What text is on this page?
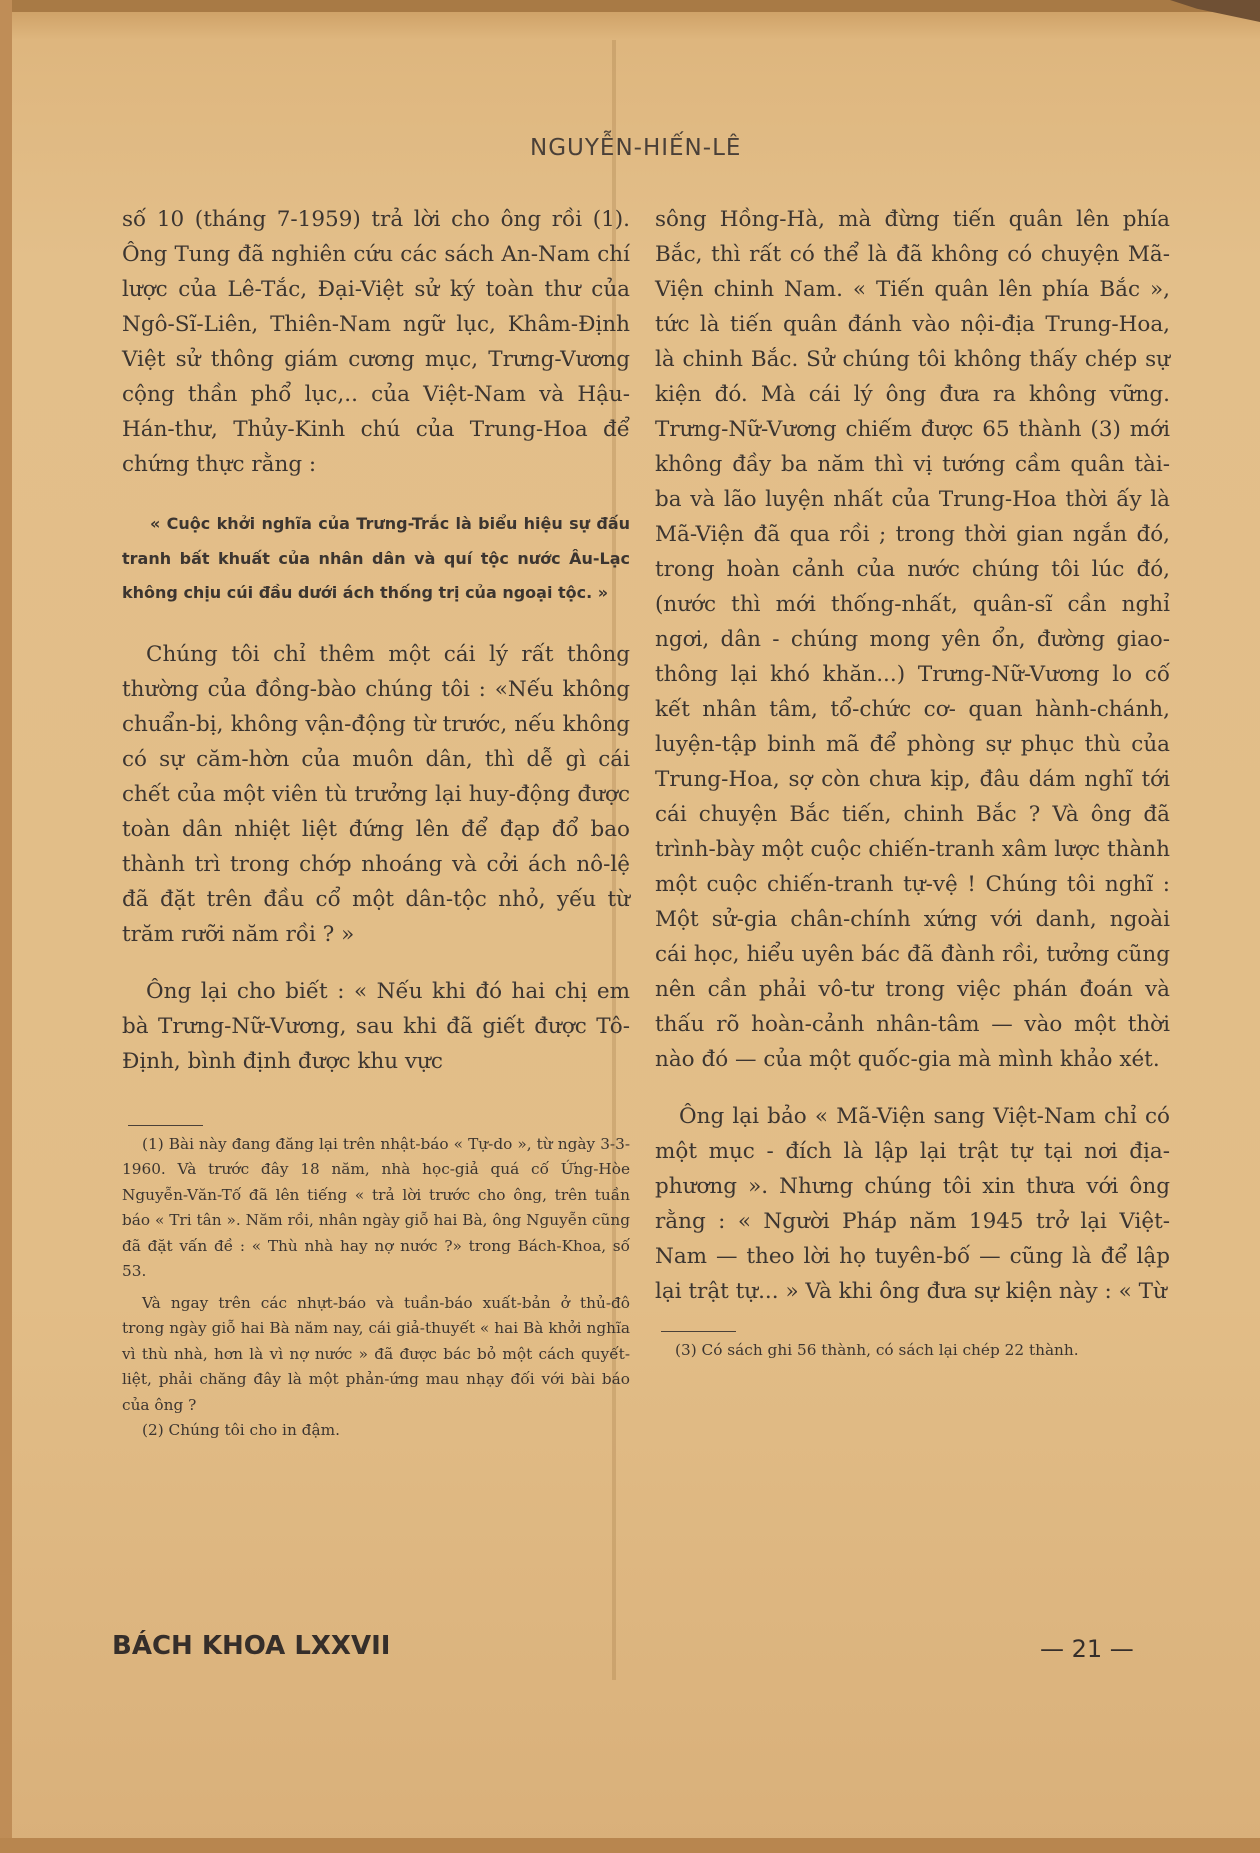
NGUYỄN-HIẾN-LÊ

số 10 (tháng 7-1959) trả lời cho ông rồi (1). Ông Tung đã nghiên cứu các sách An-Nam chí lược của Lê-Tắc, Đại-Việt sử ký toàn thư của Ngô-Sĩ-Liên, Thiên-Nam ngữ lục, Khâm-Định Việt sử thông giám cương mục, Trưng-Vương cộng thần phổ lục,.. của Việt-Nam và Hậu-Hán-thư, Thủy-Kinh chú của Trung-Hoa để chứng thực rằng :

« Cuộc khởi nghĩa của Trưng-Trắc là biểu hiệu sự đấu tranh bất khuất của nhân dân và quí tộc nước Âu-Lạc không chịu cúi đầu dưới ách thống trị của ngoại tộc. »

Chúng tôi chỉ thêm một cái lý rất thông thường của đồng-bào chúng tôi : «Nếu không chuẩn-bị, không vận-động từ trước, nếu không có sự căm-hờn của muôn dân, thì dễ gì cái chết của một viên tù trưởng lại huy-động được toàn dân nhiệt liệt đứng lên để đạp đổ bao thành trì trong chớp nhoáng và cởi ách nô-lệ đã đặt trên đầu cổ một dân-tộc nhỏ, yếu từ trăm rưỡi năm rồi ? »

Ông lại cho biết : « Nếu khi đó hai chị em bà Trưng-Nữ-Vương, sau khi đã giết được Tô-Định, bình định được khu vực

(1) Bài này đang đăng lại trên nhật-báo « Tự-do », từ ngày 3-3-1960. Và trước đây 18 năm, nhà học-giả quá cố Ứng-Hòe Nguyễn-Văn-Tố đã lên tiếng « trả lời trước cho ông, trên tuần báo « Tri tân ». Năm rồi, nhân ngày giỗ hai Bà, ông Nguyễn cũng đã đặt vấn đề : « Thù nhà hay nợ nước ?» trong Bách-Khoa, số 53.

Và ngay trên các nhựt-báo và tuần-báo xuất-bản ở thủ-đô trong ngày giỗ hai Bà năm nay, cái giả-thuyết « hai Bà khởi nghĩa vì thù nhà, hơn là vì nợ nước » đã được bác bỏ một cách quyết-liệt, phải chăng đây là một phản-ứng mau nhạy đối với bài báo của ông ?

(2) Chúng tôi cho in đậm.

sông Hồng-Hà, mà đừng tiến quân lên phía Bắc, thì rất có thể là đã không có chuyện Mã-Viện chinh Nam. « Tiến quân lên phía Bắc », tức là tiến quân đánh vào nội-địa Trung-Hoa, là chinh Bắc. Sử chúng tôi không thấy chép sự kiện đó. Mà cái lý ông đưa ra không vững. Trưng-Nữ-Vương chiếm được 65 thành (3) mới không đầy ba năm thì vị tướng cầm quân tài-ba và lão luyện nhất của Trung-Hoa thời ấy là Mã-Viện đã qua rồi ; trong thời gian ngắn đó, trong hoàn cảnh của nước chúng tôi lúc đó, (nước thì mới thống-nhất, quân-sĩ cần nghỉ ngơi, dân - chúng mong yên ổn, đường giao-thông lại khó khăn...) Trưng-Nữ-Vương lo cố kết nhân tâm, tổ-chức cơ- quan hành-chánh, luyện-tập binh mã để phòng sự phục thù của Trung-Hoa, sợ còn chưa kịp, đâu dám nghĩ tới cái chuyện Bắc tiến, chinh Bắc ? Và ông đã trình-bày một cuộc chiến-tranh xâm lược thành một cuộc chiến-tranh tự-vệ ! Chúng tôi nghĩ : Một sử-gia chân-chính xứng với danh, ngoài cái học, hiểu uyên bác đã đành rồi, tưởng cũng nên cần phải vô-tư trong việc phán đoán và thấu rõ hoàn-cảnh nhân-tâm — vào một thời nào đó — của một quốc-gia mà mình khảo xét.

Ông lại bảo « Mã-Viện sang Việt-Nam chỉ có một mục - đích là lập lại trật tự tại nơi địa-phương ». Nhưng chúng tôi xin thưa với ông rằng : « Người Pháp năm 1945 trở lại Việt-Nam — theo lời họ tuyên-bố — cũng là để lập lại trật tự... » Và khi ông đưa sự kiện này : « Từ

(3) Có sách ghi 56 thành, có sách lại chép 22 thành.

BÁCH KHOA LXXVII	— 21 —
